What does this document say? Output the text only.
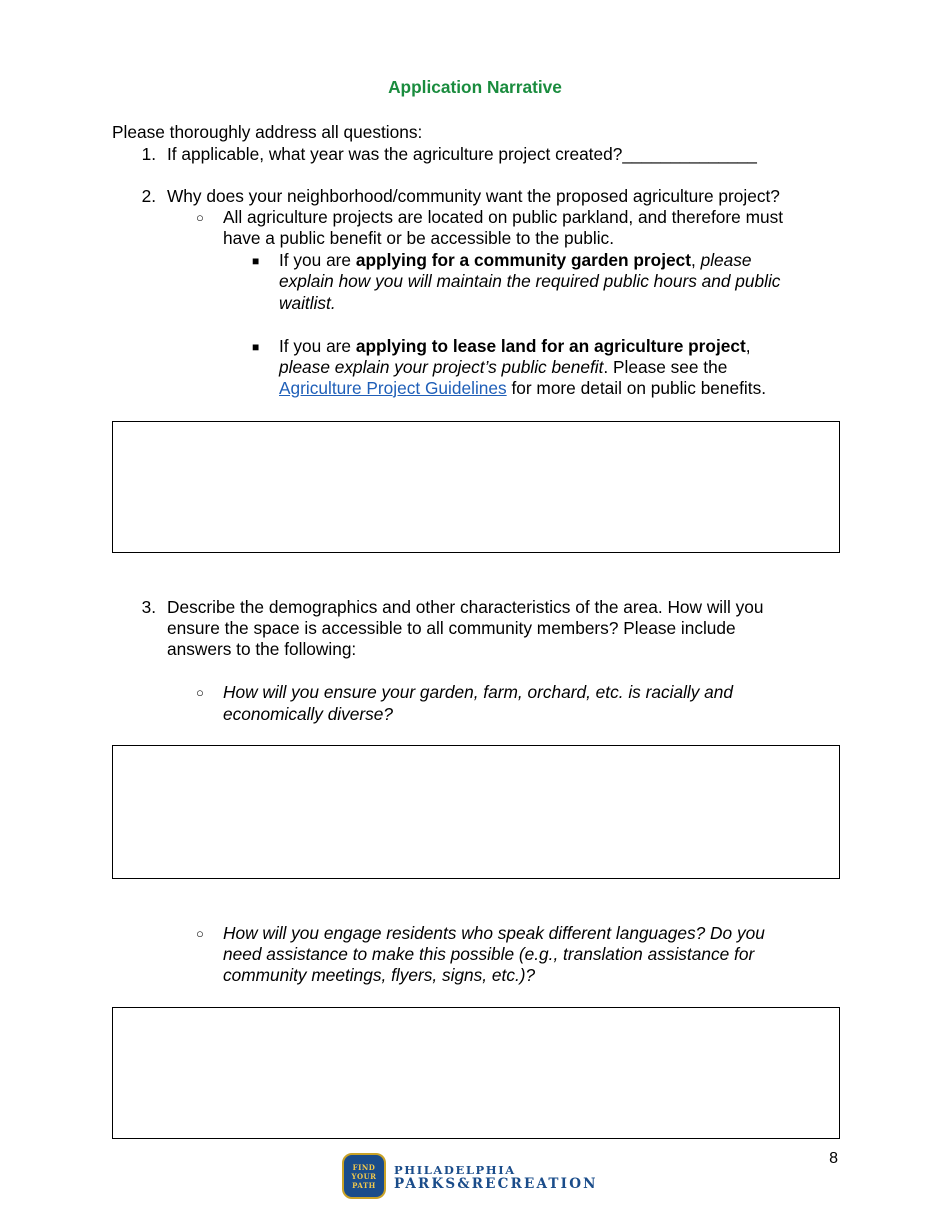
Application Narrative
Please thoroughly address all questions:
1. If applicable, what year was the agriculture project created?______________
2. Why does your neighborhood/community want the proposed agriculture project?
○ All agriculture projects are located on public parkland, and therefore must
have a public benefit or be accessible to the public.
■ If you are applying for a community garden project, please
explain how you will maintain the required public hours and public
waitlist.
■ If you are applying to lease land for an agriculture project,
please explain your project’s public benefit. Please see the
Agriculture Project Guidelines for more detail on public benefits.
3. Describe the demographics and other characteristics of the area. How will you
ensure the space is accessible to all community members? Please include
answers to the following:
○ How will you ensure your garden, farm, orchard, etc. is racially and
economically diverse?
○ How will you engage residents who speak different languages? Do you
need assistance to make this possible (e.g., translation assistance for
community meetings, flyers, signs, etc.)?
8
FIND
YOUR
PATH
PHILADELPHIA
PARKS&RECREATION
